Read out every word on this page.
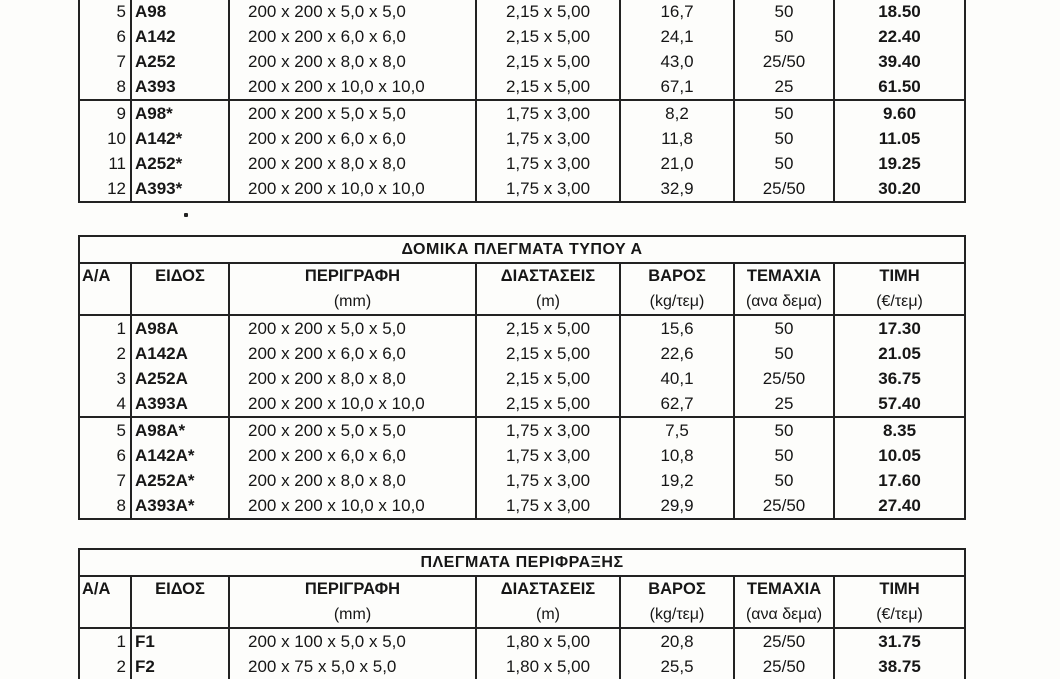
5	A98	200 x 200 x 5,0 x 5,0	2,15 x 5,00	16,7	50	18.50
6	A142	200 x 200 x 6,0 x 6,0	2,15 x 5,00	24,1	50	22.40
7	A252	200 x 200 x 8,0 x 8,0	2,15 x 5,00	43,0	25/50	39.40
8	A393	200 x 200 x 10,0 x 10,0	2,15 x 5,00	67,1	25	61.50
9	A98*	200 x 200 x 5,0 x 5,0	1,75 x 3,00	8,2	50	9.60
10	A142*	200 x 200 x 6,0 x 6,0	1,75 x 3,00	11,8	50	11.05
11	A252*	200 x 200 x 8,0 x 8,0	1,75 x 3,00	21,0	50	19.25
12	A393*	200 x 200 x 10,0 x 10,0	1,75 x 3,00	32,9	25/50	30.20
ΔΟΜΙΚΑ ΠΛΕΓΜΑΤΑ ΤΥΠΟΥ Α						
Α/Α	ΕΙΔΟΣ	ΠΕΡΙΓΡΑΦΗ	ΔΙΑΣΤΑΣΕΙΣ	ΒΑΡΟΣ	ΤΕΜΑΧΙΑ	ΤΙΜΗ
		(mm)	(m)	(kg/τεμ)	(ανα δεμα)	(€/τεμ)
1	A98A	200 x 200 x 5,0 x 5,0	2,15 x 5,00	15,6	50	17.30
2	A142A	200 x 200 x 6,0 x 6,0	2,15 x 5,00	22,6	50	21.05
3	A252A	200 x 200 x 8,0 x 8,0	2,15 x 5,00	40,1	25/50	36.75
4	A393A	200 x 200 x 10,0 x 10,0	2,15 x 5,00	62,7	25	57.40
5	A98A*	200 x 200 x 5,0 x 5,0	1,75 x 3,00	7,5	50	8.35
6	A142A*	200 x 200 x 6,0 x 6,0	1,75 x 3,00	10,8	50	10.05
7	A252A*	200 x 200 x 8,0 x 8,0	1,75 x 3,00	19,2	50	17.60
8	A393A*	200 x 200 x 10,0 x 10,0	1,75 x 3,00	29,9	25/50	27.40
ΠΛΕΓΜΑΤΑ ΠΕΡΙΦΡΑΞΗΣ						
Α/Α	ΕΙΔΟΣ	ΠΕΡΙΓΡΑΦΗ	ΔΙΑΣΤΑΣΕΙΣ	ΒΑΡΟΣ	ΤΕΜΑΧΙΑ	ΤΙΜΗ
		(mm)	(m)	(kg/τεμ)	(ανα δεμα)	(€/τεμ)
1	F1	200 x 100 x 5,0 x 5,0	1,80 x 5,00	20,8	25/50	31.75
2	F2	200 x 75 x 5,0 x 5,0	1,80 x 5,00	25,5	25/50	38.75
